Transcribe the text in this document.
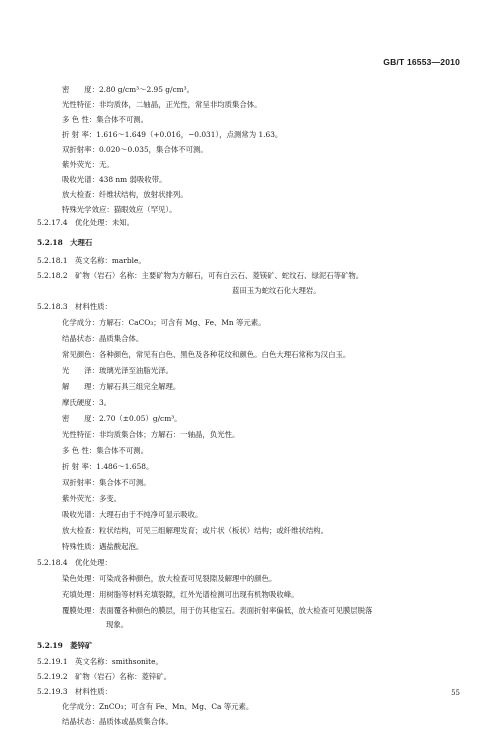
GB/T 16553—2010
密　　度：2.80 g/cm³～2.95 g/cm³。
光性特征：非均质体，二轴晶，正光性，常呈非均质集合体。
多 色 性：集合体不可测。
折 射 率：1.616～1.649（+0.016，−0.031），点测常为 1.63。
双折射率：0.020～0.035，集合体不可测。
紫外荧光：无。
吸收光谱：438 nm 弱吸收带。
放大检查：纤维状结构，放射状排列。
特殊光学效应：猫眼效应（罕见）。
5.2.17.4　优化处理：未知。
5.2.18　大理石
5.2.18.1　英文名称：marble。
5.2.18.2　矿物（岩石）名称：主要矿物为方解石，可有白云石、菱镁矿、蛇纹石、绿泥石等矿物。
蓝田玉为蛇纹石化大理岩。
5.2.18.3　材料性质：
化学成分：方解石：CaCO₃；可含有 Mg、Fe、Mn 等元素。
结晶状态：晶质集合体。
常见颜色：各种颜色，常见有白色、黑色及各种花纹和颜色。白色大理石常称为汉白玉。
光　　泽：玻璃光泽至油脂光泽。
解　　理：方解石具三组完全解理。
摩氏硬度：3。
密　　度：2.70（±0.05）g/cm³。
光性特征：非均质集合体；方解石：一轴晶，负光性。
多 色 性：集合体不可测。
折 射 率：1.486～1.658。
双折射率：集合体不可测。
紫外荧光：多变。
吸收光谱：大理石由于不纯净可显示吸收。
放大检查：粒状结构，可见三组解理发育；或片状（板状）结构；或纤维状结构。
特殊性质：遇盐酸起泡。
5.2.18.4　优化处理：
染色处理：可染成各种颜色，放大检查可见裂隙及解理中的颜色。
充填处理：用树脂等材料充填裂隙，红外光谱检测可出现有机物吸收峰。
覆膜处理：表面覆各种颜色的膜层，用于仿其他宝石。表面折射率偏低，放大检查可见膜层脱落
现象。
5.2.19　菱锌矿
5.2.19.1　英文名称：smithsonite。
5.2.19.2　矿物（岩石）名称：菱锌矿。
5.2.19.3　材料性质：
化学成分：ZnCO₃；可含有 Fe、Mn、Mg、Ca 等元素。
结晶状态：晶质体或晶质集合体。
55
